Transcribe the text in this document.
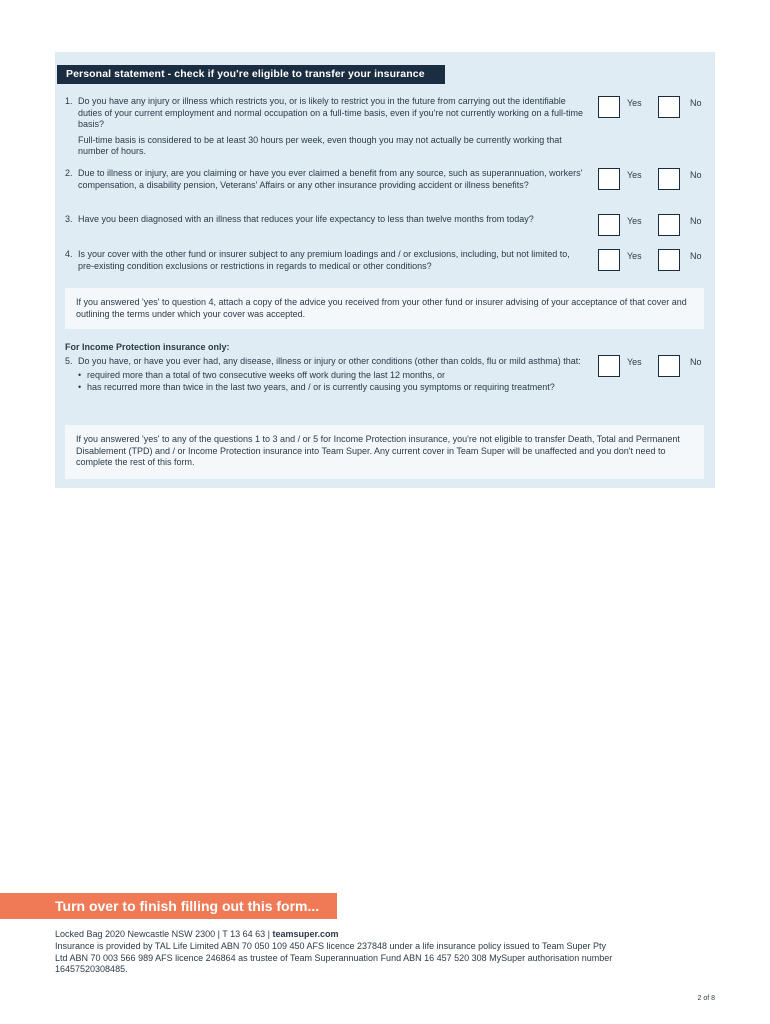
Personal statement - check if you're eligible to transfer your insurance
1. Do you have any injury or illness which restricts you, or is likely to restrict you in the future from carrying out the identifiable duties of your current employment and normal occupation on a full-time basis, even if you're not currently working on a full-time basis?
Full-time basis is considered to be at least 30 hours per week, even though you may not actually be currently working that number of hours.
Yes	No
2. Due to illness or injury, are you claiming or have you ever claimed a benefit from any source, such as superannuation, workers' compensation, a disability pension, Veterans' Affairs or any other insurance providing accident or illness benefits?
Yes	No
3. Have you been diagnosed with an illness that reduces your life expectancy to less than twelve months from today?	Yes	No
4. Is your cover with the other fund or insurer subject to any premium loadings and / or exclusions, including, but not limited to, pre-existing condition exclusions or restrictions in regards to medical or other conditions?
Yes	No
If you answered 'yes' to question 4, attach a copy of the advice you received from your other fund or insurer advising of your acceptance of that cover and outlining the terms under which your cover was accepted.
For Income Protection insurance only:
5. Do you have, or have you ever had, any disease, illness or injury or other conditions (other than colds, flu or mild asthma) that:
• required more than a total of two consecutive weeks off work during the last 12 months, or
• has recurred more than twice in the last two years, and / or is currently causing you symptoms or requiring treatment?
Yes	No
If you answered 'yes' to any of the questions 1 to 3 and / or 5 for Income Protection insurance, you're not eligible to transfer Death, Total and Permanent Disablement (TPD) and / or Income Protection insurance into Team Super. Any current cover in Team Super will be unaffected and you don't need to complete the rest of this form.
Turn over to finish filling out this form...
Locked Bag 2020 Newcastle NSW 2300 | T 13 64 63 | teamsuper.com
Insurance is provided by TAL Life Limited ABN 70 050 109 450 AFS licence 237848 under a life insurance policy issued to Team Super Pty Ltd ABN 70 003 566 989 AFS licence 246864 as trustee of Team Superannuation Fund ABN 16 457 520 308 MySuper authorisation number 16457520308485.
2 of 8
